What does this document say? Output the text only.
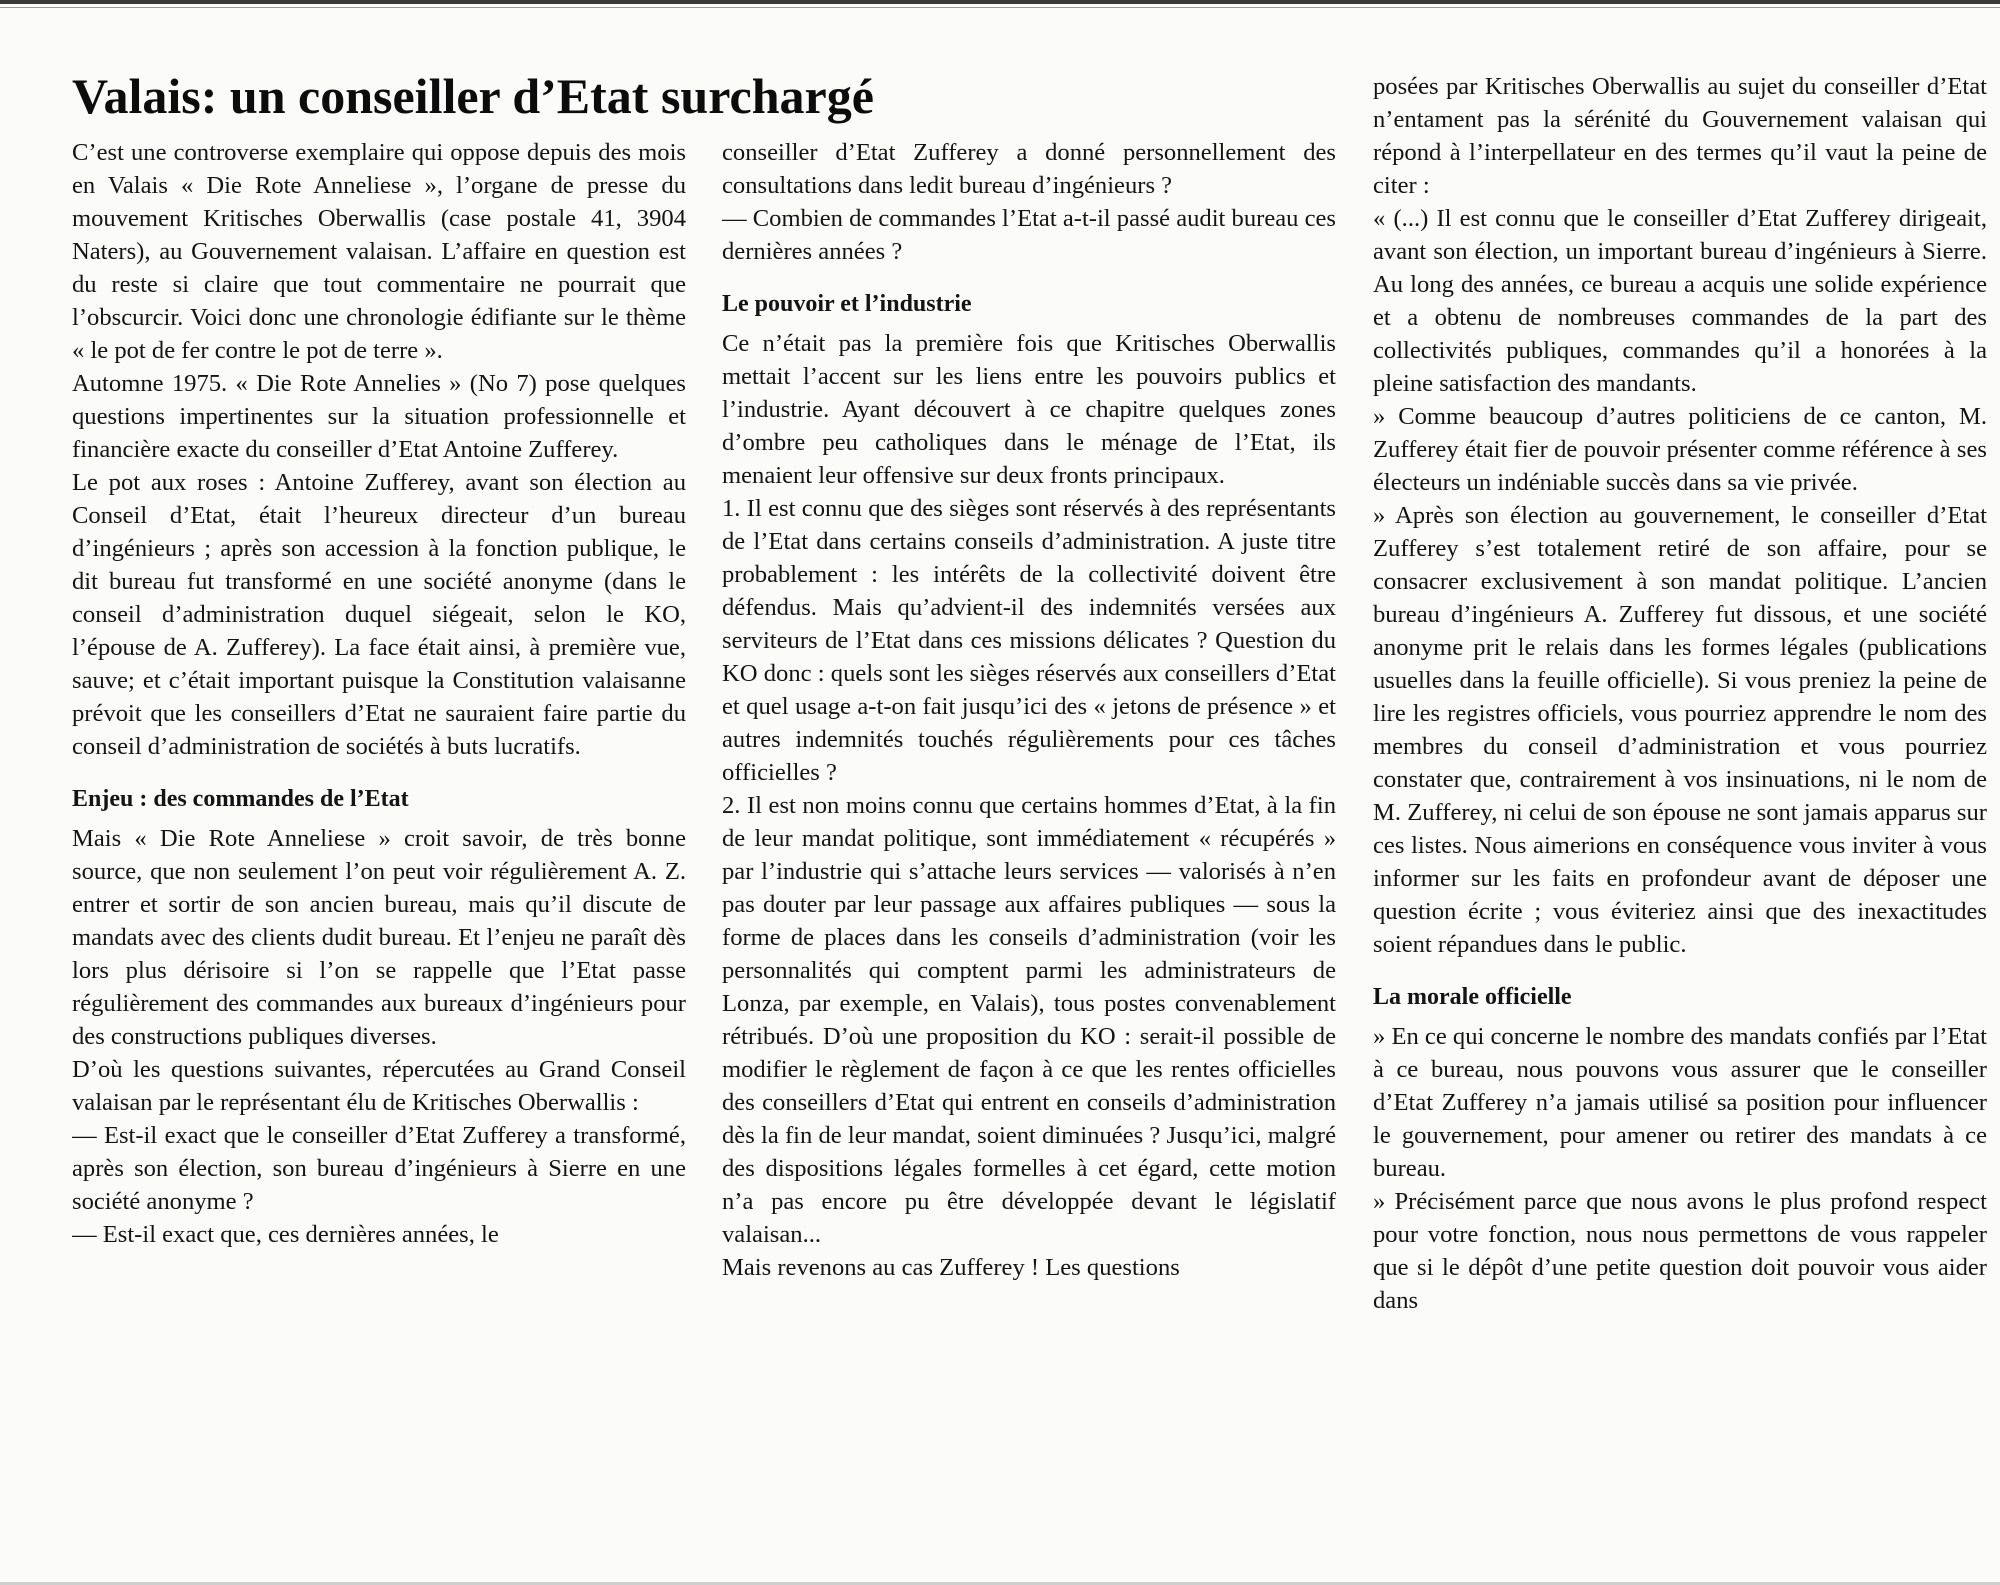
Valais: un conseiller d’Etat surchargé

C’est une controverse exemplaire qui oppose depuis des mois en Valais « Die Rote Anneliese », l’organe de presse du mouvement Kritisches Oberwallis (case postale 41, 3904 Naters), au Gouvernement valaisan. L’affaire en question est du reste si claire que tout commentaire ne pourrait que l’obscurcir. Voici donc une chronologie édifiante sur le thème « le pot de fer contre le pot de terre ».

Automne 1975. « Die Rote Annelies » (No 7) pose quelques questions impertinentes sur la situation professionnelle et financière exacte du conseiller d’Etat Antoine Zufferey.

Le pot aux roses : Antoine Zufferey, avant son élection au Conseil d’Etat, était l’heureux directeur d’un bureau d’ingénieurs ; après son accession à la fonction publique, le dit bureau fut transformé en une société anonyme (dans le conseil d’administration duquel siégeait, selon le KO, l’épouse de A. Zufferey). La face était ainsi, à première vue, sauve; et c’était important puisque la Constitution valaisanne prévoit que les conseillers d’Etat ne sauraient faire partie du conseil d’administration de sociétés à buts lucratifs.

Enjeu : des commandes de l’Etat

Mais « Die Rote Anneliese » croit savoir, de très bonne source, que non seulement l’on peut voir régulièrement A. Z. entrer et sortir de son ancien bureau, mais qu’il discute de mandats avec des clients dudit bureau. Et l’enjeu ne paraît dès lors plus dérisoire si l’on se rappelle que l’Etat passe régulièrement des commandes aux bureaux d’ingénieurs pour des constructions publiques diverses.

D’où les questions suivantes, répercutées au Grand Conseil valaisan par le représentant élu de Kritisches Oberwallis :

— Est-il exact que le conseiller d’Etat Zufferey a transformé, après son élection, son bureau d’ingénieurs à Sierre en une société anonyme ?

— Est-il exact que, ces dernières années, le

conseiller d’Etat Zufferey a donné personnellement des consultations dans ledit bureau d’ingénieurs ?

— Combien de commandes l’Etat a-t-il passé audit bureau ces dernières années ?

Le pouvoir et l’industrie

Ce n’était pas la première fois que Kritisches Oberwallis mettait l’accent sur les liens entre les pouvoirs publics et l’industrie. Ayant découvert à ce chapitre quelques zones d’ombre peu catholiques dans le ménage de l’Etat, ils menaient leur offensive sur deux fronts principaux.

1. Il est connu que des sièges sont réservés à des représentants de l’Etat dans certains conseils d’administration. A juste titre probablement : les intérêts de la collectivité doivent être défendus. Mais qu’advient-il des indemnités versées aux serviteurs de l’Etat dans ces missions délicates ? Question du KO donc : quels sont les sièges réservés aux conseillers d’Etat et quel usage a-t-on fait jusqu’ici des « jetons de présence » et autres indemnités touchés régulièrements pour ces tâches officielles ?

2. Il est non moins connu que certains hommes d’Etat, à la fin de leur mandat politique, sont immédiatement « récupérés » par l’industrie qui s’attache leurs services — valorisés à n’en pas douter par leur passage aux affaires publiques — sous la forme de places dans les conseils d’administration (voir les personnalités qui comptent parmi les administrateurs de Lonza, par exemple, en Valais), tous postes convenablement rétribués. D’où une proposition du KO : serait-il possible de modifier le règlement de façon à ce que les rentes officielles des conseillers d’Etat qui entrent en conseils d’administration dès la fin de leur mandat, soient diminuées ? Jusqu’ici, malgré des dispositions légales formelles à cet égard, cette motion n’a pas encore pu être développée devant le législatif valaisan...

Mais revenons au cas Zufferey ! Les questions

posées par Kritisches Oberwallis au sujet du conseiller d’Etat n’entament pas la sérénité du Gouvernement valaisan qui répond à l’interpellateur en des termes qu’il vaut la peine de citer :

« (...) Il est connu que le conseiller d’Etat Zufferey dirigeait, avant son élection, un important bureau d’ingénieurs à Sierre. Au long des années, ce bureau a acquis une solide expérience et a obtenu de nombreuses commandes de la part des collectivités publiques, commandes qu’il a honorées à la pleine satisfaction des mandants.

» Comme beaucoup d’autres politiciens de ce canton, M. Zufferey était fier de pouvoir présenter comme référence à ses électeurs un indéniable succès dans sa vie privée.

» Après son élection au gouvernement, le conseiller d’Etat Zufferey s’est totalement retiré de son affaire, pour se consacrer exclusivement à son mandat politique. L’ancien bureau d’ingénieurs A. Zufferey fut dissous, et une société anonyme prit le relais dans les formes légales (publications usuelles dans la feuille officielle). Si vous preniez la peine de lire les registres officiels, vous pourriez apprendre le nom des membres du conseil d’administration et vous pourriez constater que, contrairement à vos insinuations, ni le nom de M. Zufferey, ni celui de son épouse ne sont jamais apparus sur ces listes. Nous aimerions en conséquence vous inviter à vous informer sur les faits en profondeur avant de déposer une question écrite ; vous éviteriez ainsi que des inexactitudes soient répandues dans le public.

La morale officielle

» En ce qui concerne le nombre des mandats confiés par l’Etat à ce bureau, nous pouvons vous assurer que le conseiller d’Etat Zufferey n’a jamais utilisé sa position pour influencer le gouvernement, pour amener ou retirer des mandats à ce bureau.

» Précisément parce que nous avons le plus profond respect pour votre fonction, nous nous permettons de vous rappeler que si le dépôt d’une petite question doit pouvoir vous aider dans
